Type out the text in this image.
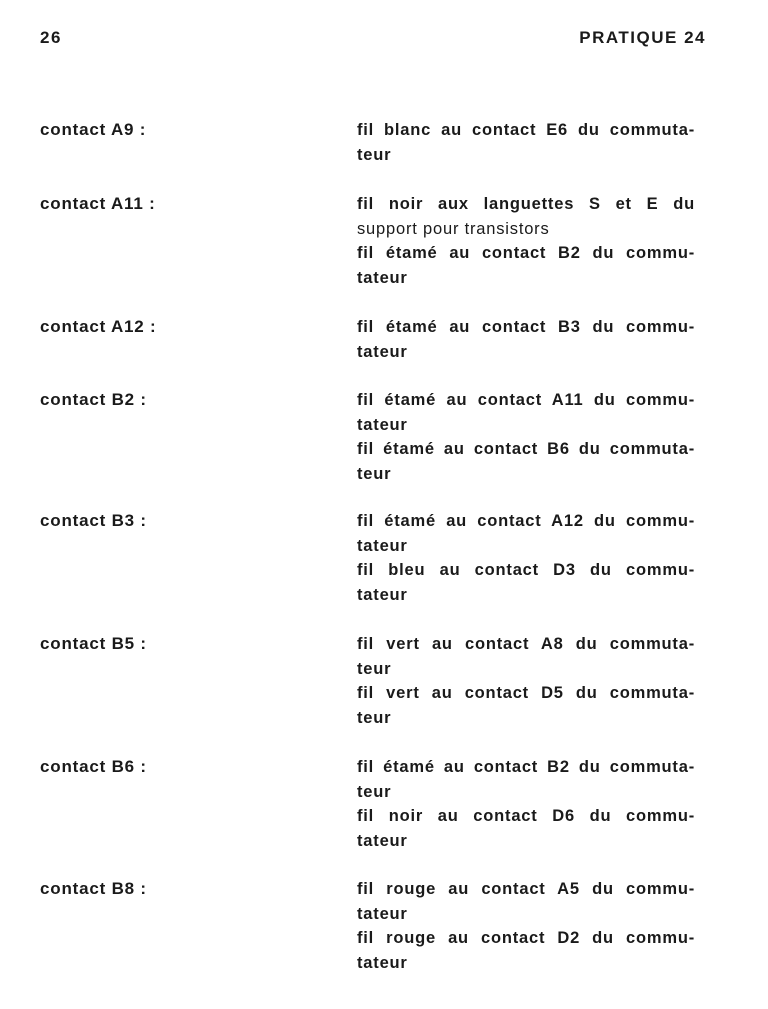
26	PRATIQUE 24
contact A9 :	fil blanc au contact E6 du commuta-
teur
contact A11 :	fil noir aux languettes S et E du
support pour transistors
fil étamé au contact B2 du commu-
tateur
contact A12 :	fil étamé au contact B3 du commu-
tateur
contact B2 :	fil étamé au contact A11 du commu-
tateur
fil étamé au contact B6 du commuta-
teur
contact B3 :	fil étamé au contact A12 du commu-
tateur
fil bleu au contact D3 du commu-
tateur
contact B5 :	fil vert au contact A8 du commuta-
teur
fil vert au contact D5 du commuta-
teur
contact B6 :	fil étamé au contact B2 du commuta-
teur
fil noir au contact D6 du commu-
tateur
contact B8 :	fil rouge au contact A5 du commu-
tateur
fil rouge au contact D2 du commu-
tateur
